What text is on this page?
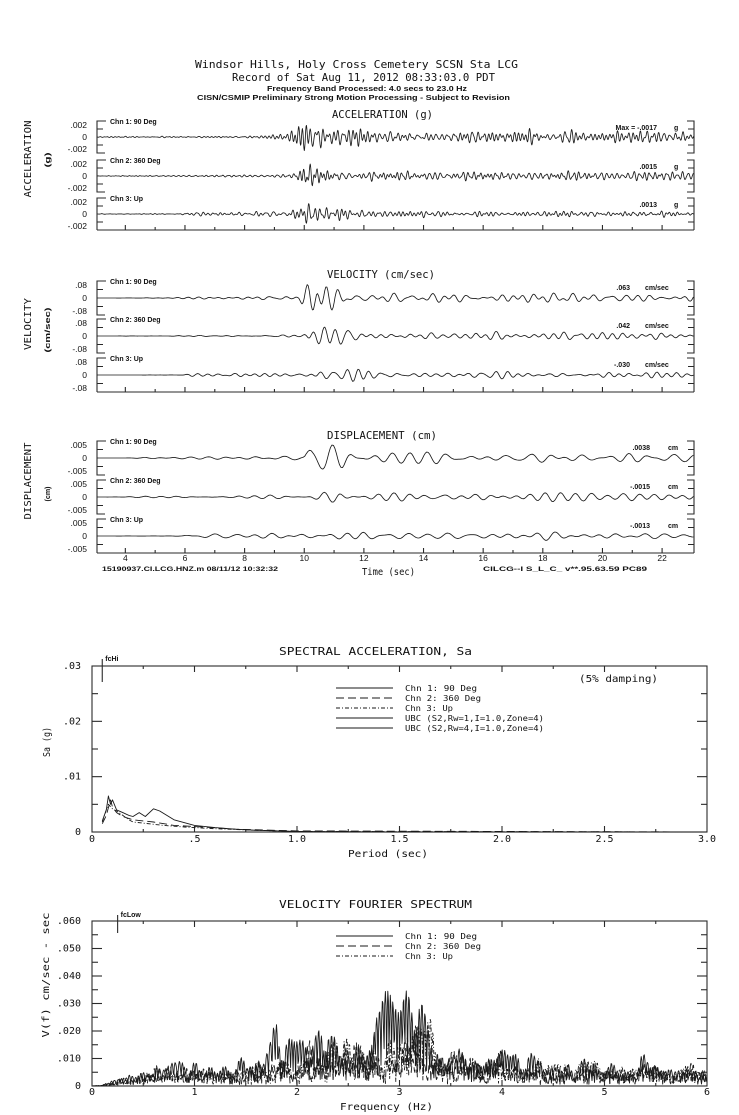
Windsor Hills, Holy Cross Cemetery SCSN Sta LCG
Record of Sat Aug 11, 2012 08:33:03.0 PDT
Frequency Band Processed: 4.0 secs to 23.0 Hz
CISN/CSMIP Preliminary Strong Motion Processing - Subject to Revision
15190937.CI.LCG.HNZ.m 08/11/12 10:32:32	CILCG--I S_L_C_ v**.95.63.59 PC89
ACCELERATION (g)
ACCELERATION (g)
.002
0
-.002
Chn 1: 90 Deg
Max = -.0017 g
.002
0
-.002
Chn 2: 360 Deg
.0015 g
.002
0
-.002
Chn 3: Up
.0013 g
VELOCITY (cm/sec)
VELOCITY (cm/sec)
.08
0
-.08
Chn 1: 90 Deg
.063 cm/sec
.08
0
-.08
Chn 2: 360 Deg
.042 cm/sec
.08
0
-.08
Chn 3: Up
-.030 cm/sec
DISPLACEMENT (cm)
DISPLACEMENT (cm)
.005
0
-.005
Chn 1: 90 Deg
.0038	cm
.005
0
-.005
Chn 2: 360 Deg
-.0015	cm
.005
0
-.005
Chn 3: Up
-.0013	cm
4	6	8	10	12	14	16	18	20	22
Time (sec)
0	.5	1.0	1.5	2.0	2.5	3.0
0
.01
.02
.03
SPECTRAL ACCELERATION, Sa
Period (sec)
Sa (g)
fcHi
(5% damping)
Chn 1: 90 Deg
Chn 2: 360 Deg
Chn 3: Up
UBC (S2,Rw=1,I=1.0,Zone=4)
UBC (S2,Rw=4,I=1.0,Zone=4)
0	1	2	3	4	5	6
0
.010
.020
.030
.040
.050
.060
VELOCITY FOURIER SPECTRUM
Frequency (Hz)
V(f) cm/sec - sec
fcLow
Chn 1: 90 Deg
Chn 2: 360 Deg
Chn 3: Up
